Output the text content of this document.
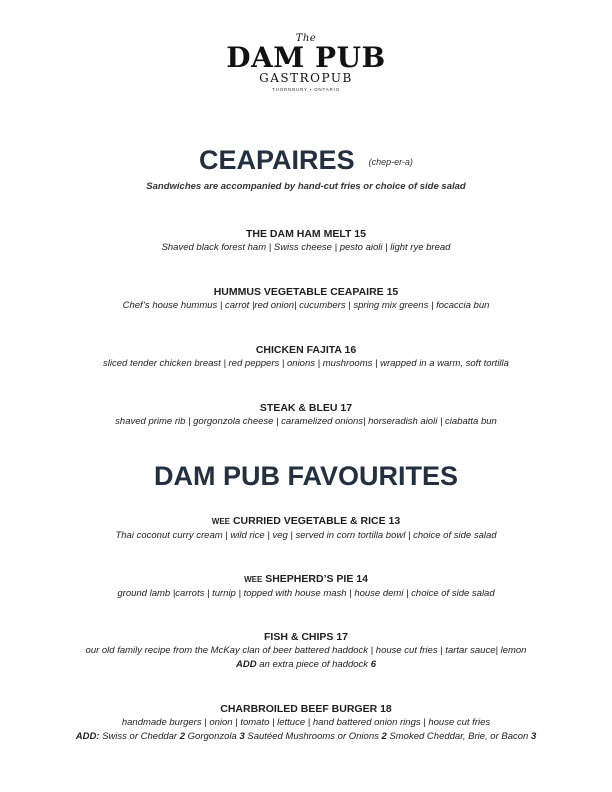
The
DAM PUB
GASTROPUB
THORNBURY • ONTARIO
CEAPAIRES (chep-er-a)
Sandwiches are accompanied by hand-cut fries or choice of side salad
THE DAM HAM MELT 15
Shaved black forest ham | Swiss cheese | pesto aioli | light rye bread
HUMMUS VEGETABLE CEAPAIRE 15
Chef’s house hummus | carrot |red onion| cucumbers | spring mix greens | focaccia bun
CHICKEN FAJITA 16
sliced tender chicken breast | red peppers | onions | mushrooms | wrapped in a warm, soft tortilla
STEAK & BLEU 17
shaved prime rib | gorgonzola cheese | caramelized onions| horseradish aioli | ciabatta bun
DAM PUB FAVOURITES
WEE CURRIED VEGETABLE & RICE 13
Thai coconut curry cream | wild rice | veg | served in corn tortilla bowl | choice of side salad
WEE SHEPHERD’S PIE 14
ground lamb |carrots | turnip | topped with house mash | house demi | choice of side salad
FISH & CHIPS 17
our old family recipe from the McKay clan of beer battered haddock | house cut fries | tartar sauce| lemon
ADD an extra piece of haddock 6
CHARBROILED BEEF BURGER 18
handmade burgers | onion | tomato | lettuce | hand battered onion rings | house cut fries
ADD: Swiss or Cheddar 2 Gorgonzola 3 Sautéed Mushrooms or Onions 2 Smoked Cheddar, Brie, or Bacon 3
